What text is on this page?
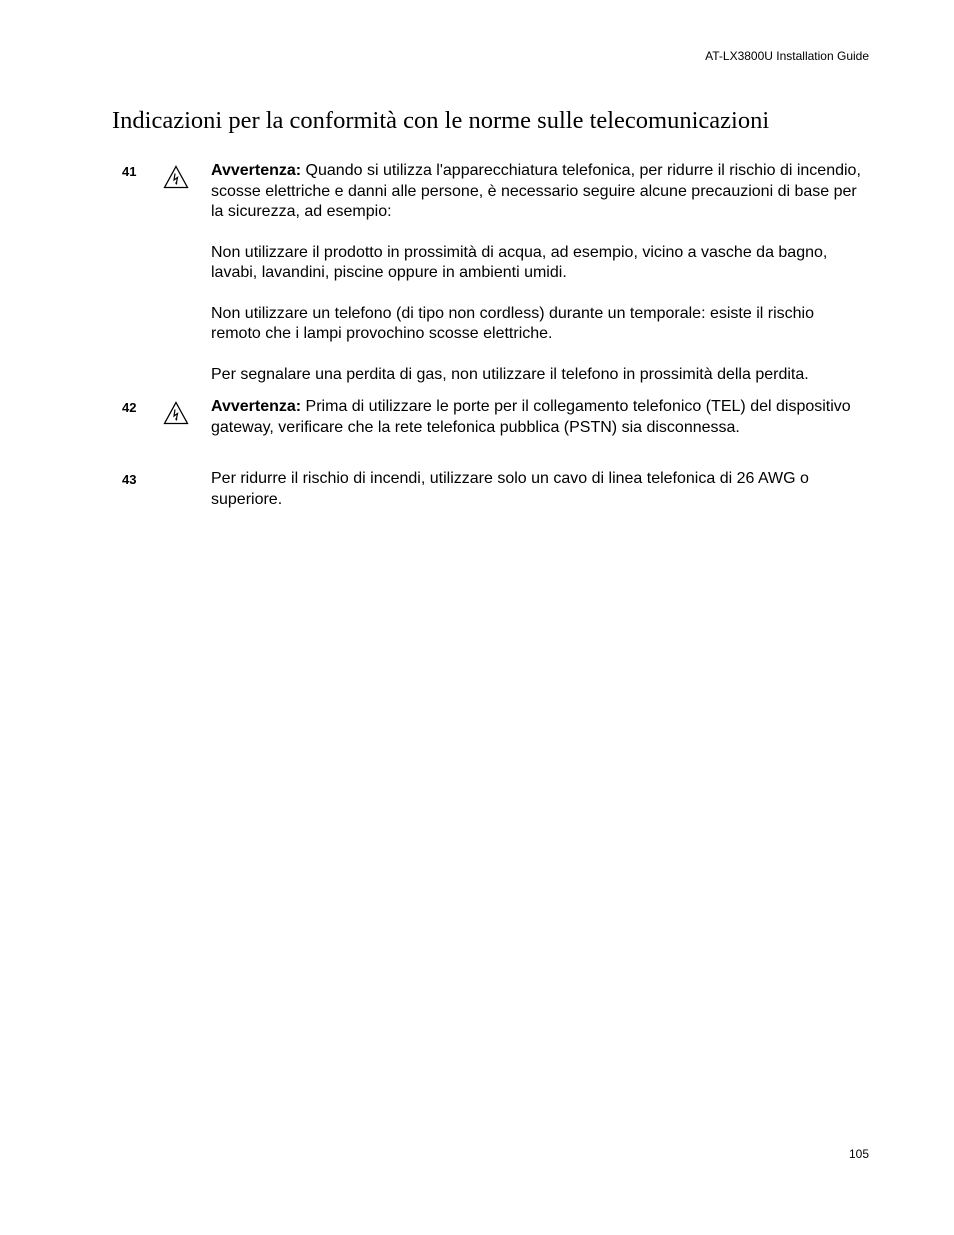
AT-LX3800U Installation Guide
Indicazioni per la conformità con le norme sulle telecomunicazioni
41	Avvertenza: Quando si utilizza l'apparecchiatura telefonica, per ridurre il rischio di incendio, scosse elettriche e danni alle persone, è necessario seguire alcune precauzioni di base per la sicurezza, ad esempio:

Non utilizzare il prodotto in prossimità di acqua, ad esempio, vicino a vasche da bagno, lavabi, lavandini, piscine oppure in ambienti umidi.

Non utilizzare un telefono (di tipo non cordless) durante un temporale: esiste il rischio remoto che i lampi provochino scosse elettriche.

Per segnalare una perdita di gas, non utilizzare il telefono in prossimità della perdita.

42	Avvertenza: Prima di utilizzare le porte per il collegamento telefonico (TEL) del dispositivo gateway, verificare che la rete telefonica pubblica (PSTN) sia disconnessa.

43	Per ridurre il rischio di incendi, utilizzare solo un cavo di linea telefonica di 26 AWG o superiore.

105
